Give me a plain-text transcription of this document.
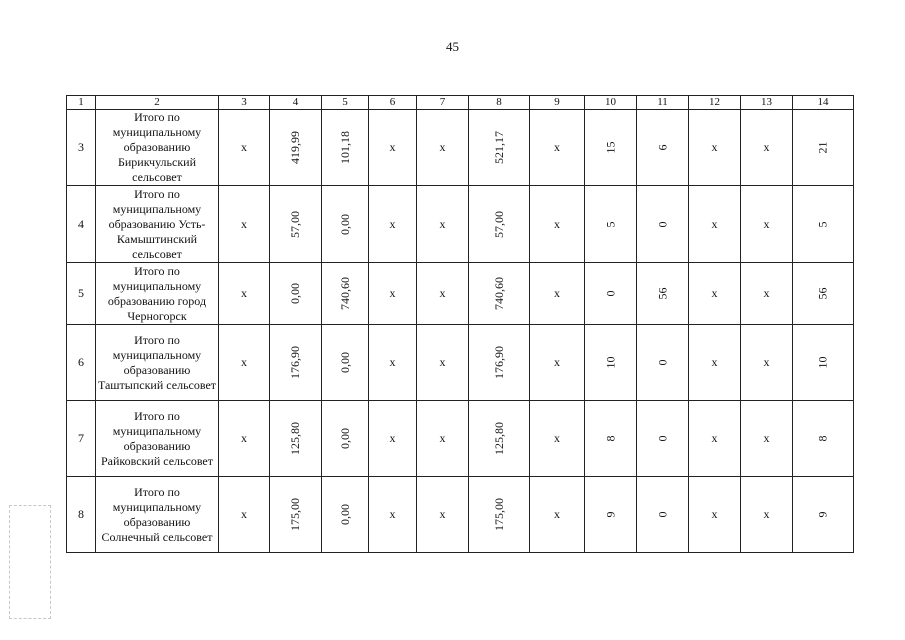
45
1	2	3	4	5	6	7	8	9	10	11	12	13	14
3	Итого по муниципальному образованию Бирикчульский сельсовет	x	419,99	101,18	x	x	521,17	x	15	6	x	x	21
4	Итого по муниципальному образованию Усть-Камыштинский сельсовет	x	57,00	0,00	x	x	57,00	x	5	0	x	x	5
5	Итого по муниципальному образованию город Черногорск	x	0,00	740,60	x	x	740,60	x	0	56	x	x	56
6	Итого по муниципальному образованию Таштыпский сельсовет	x	176,90	0,00	x	x	176,90	x	10	0	x	x	10
7	Итого по муниципальному образованию Райковский сельсовет	x	125,80	0,00	x	x	125,80	x	8	0	x	x	8
8	Итого по муниципальному образованию Солнечный сельсовет	x	175,00	0,00	x	x	175,00	x	9	0	x	x	9
